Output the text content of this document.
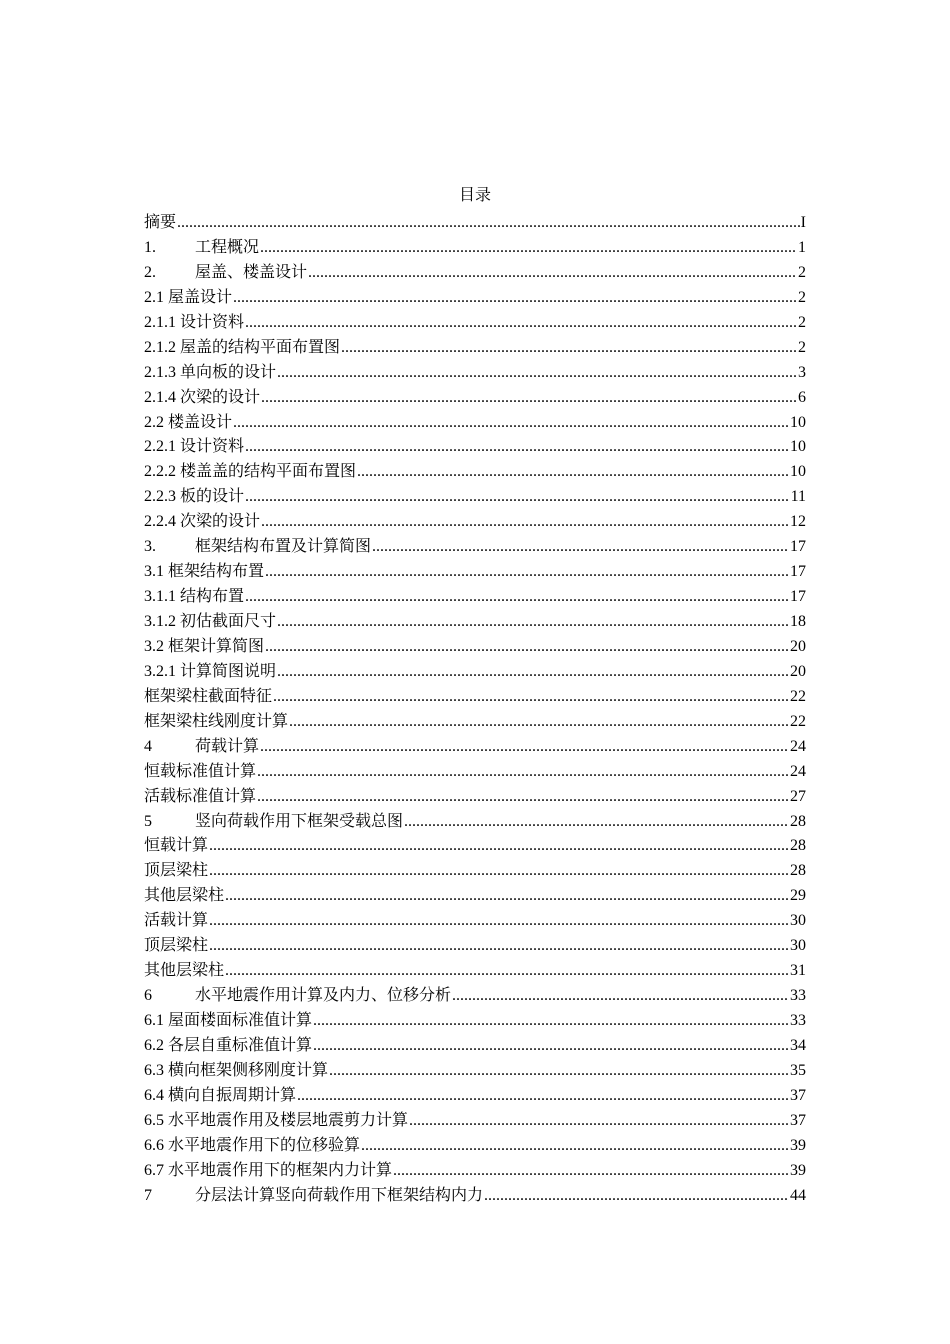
目录
摘要 .....	I
1.	工程概况 .....	1
2.	屋盖、楼盖设计 .....	2
2.1 屋盖设计 .....	2
2.1.1 设计资料 .....	2
2.1.2 屋盖的结构平面布置图 .....	2
2.1.3 单向板的设计 .....	3
2.1.4 次梁的设计 .....	6
2.2 楼盖设计 .....	10
2.2.1 设计资料 .....	10
2.2.2 楼盖盖的结构平面布置图 .....	10
2.2.3 板的设计 .....	11
2.2.4 次梁的设计 .....	12
3.	框架结构布置及计算简图 .....	17
3.1 框架结构布置 .....	17
3.1.1 结构布置 .....	17
3.1.2 初估截面尺寸 .....	18
3.2 框架计算简图 .....	20
3.2.1 计算简图说明 .....	20
框架梁柱截面特征 .....	22
框架梁柱线刚度计算 .....	22
4	荷载计算 .....	24
恒载标准值计算 .....	24
活载标准值计算 .....	27
5	竖向荷载作用下框架受载总图 .....	28
恒载计算 .....	28
顶层梁柱 .....	28
其他层梁柱 .....	29
活载计算 .....	30
顶层梁柱 .....	30
其他层梁柱 .....	31
6	水平地震作用计算及内力、位移分析 .....	33
6.1 屋面楼面标准值计算 .....	33
6.2 各层自重标准值计算 .....	34
6.3 横向框架侧移刚度计算 .....	35
6.4 横向自振周期计算 .....	37
6.5 水平地震作用及楼层地震剪力计算 .....	37
6.6 水平地震作用下的位移验算 .....	39
6.7 水平地震作用下的框架内力计算 .....	39
7	分层法计算竖向荷载作用下框架结构内力 .....	44
